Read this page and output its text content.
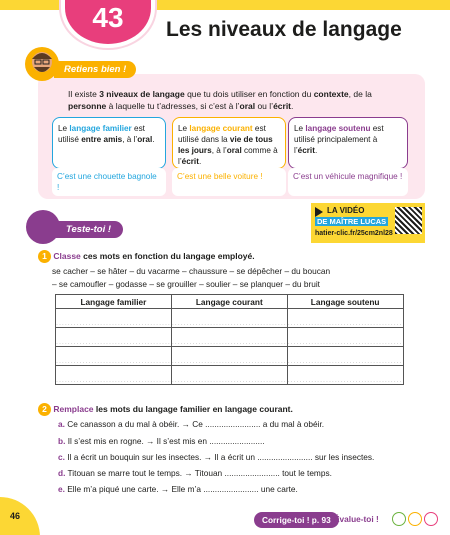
43 Les niveaux de langage
Retiens bien !
Il existe 3 niveaux de langage que tu dois utiliser en fonction du contexte, de la personne à laquelle tu t’adresses, si c’est à l’oral ou l’écrit.
Le langage familier est utilisé entre amis, à l’oral.
Le langage courant est utilisé dans la vie de tous les jours, à l’oral comme à l’écrit.
Le langage soutenu est utilisé principalement à l’écrit.
C’est une chouette bagnole !
C’est une belle voiture !	C’est un véhicule magnifique !
Teste-toi !
LA VIDÉO
DE MAÎTRE LUCAS
hatier-clic.fr/25cm2nl28
1 Classe ces mots en fonction du langage employé.
se cacher – se hâter – du vacarme – chaussure – se dépêcher – du boucan
– se camoufler – godasse – se grouiller – soulier – se planquer – du bruit
Langage familier	Langage courant	Langage soutenu
.......................................	.......................................	.......................................
.......................................	.......................................	.......................................
.......................................	.......................................	.......................................
.......................................	.......................................	.......................................
2 Remplace les mots du langage familier en langage courant.
a. Ce canasson a du mal à obéir. → Ce ........................ a du mal à obéir.
b. Il s’est mis en rogne. → Il s’est mis en ........................
c. Il a écrit un bouquin sur les insectes. → Il a écrit un ........................ sur les insectes.
d. Titouan se marre tout le temps. → Titouan ........................ tout le temps.
e. Elle m’a piqué une carte. → Elle m’a ........................ une carte.
46	Corrige-toi ! p. 93 Évalue-toi !
